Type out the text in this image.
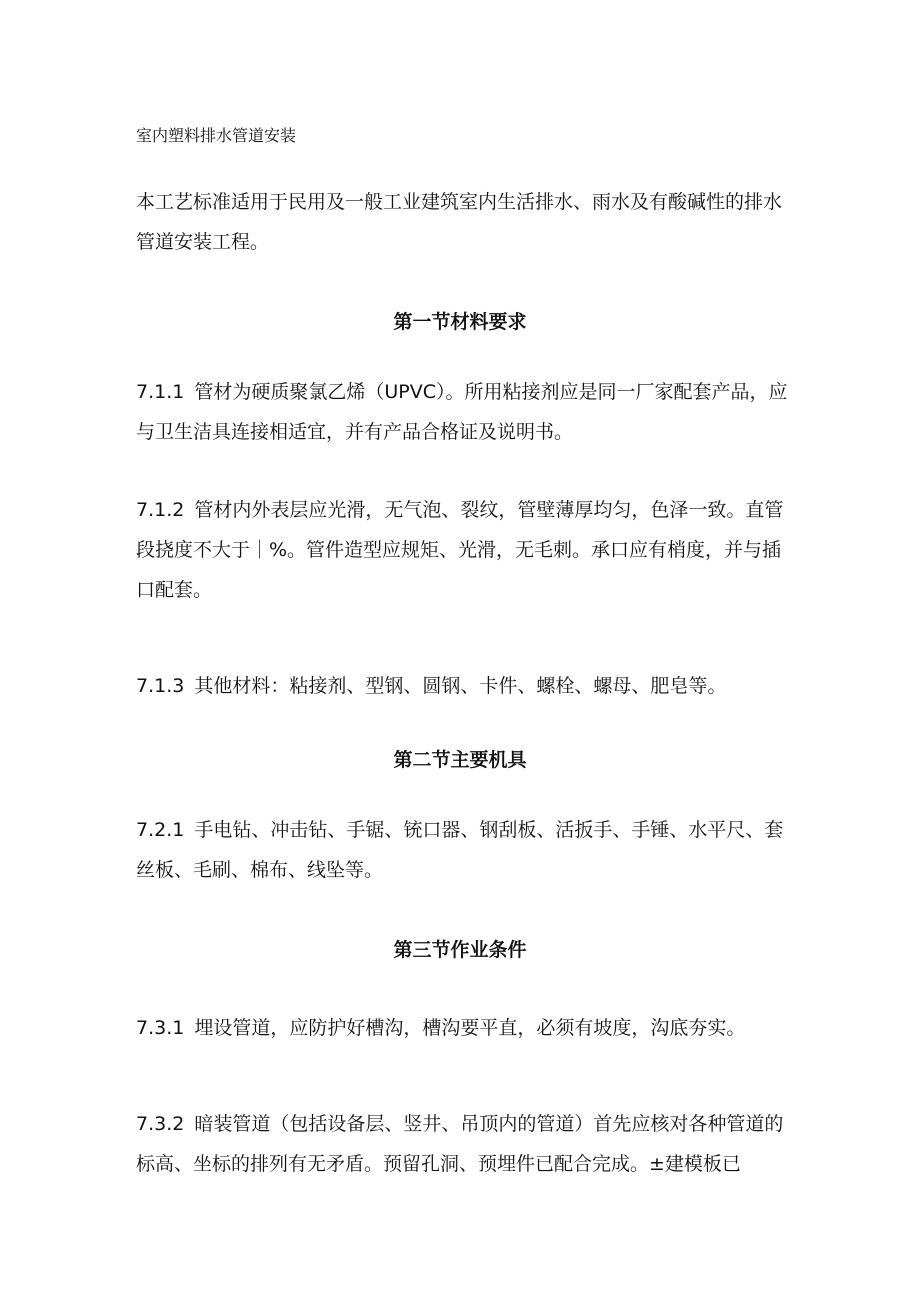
室内塑料排水管道安装

本工艺标准适用于民用及一般工业建筑室内生活排水、雨水及有酸碱性的排水管道安装工程。

第一节材料要求

7.1.1 管材为硬质聚氯乙烯（UPVC）。所用粘接剂应是同一厂家配套产品，应与卫生洁具连接相适宜，并有产品合格证及说明书。

7.1.2 管材内外表层应光滑，无气泡、裂纹，管壁薄厚均匀，色泽一致。直管段挠度不大于｜%。管件造型应规矩、光滑，无毛刺。承口应有梢度，并与插口配套。

7.1.3 其他材料：粘接剂、型钢、圆钢、卡件、螺栓、螺母、肥皂等。

第二节主要机具

7.2.1 手电钻、冲击钻、手锯、铳口器、钢刮板、活扳手、手锤、水平尺、套丝板、毛刷、棉布、线坠等。

第三节作业条件

7.3.1 埋设管道，应防护好槽沟，槽沟要平直，必须有坡度，沟底夯实。

7.3.2 暗装管道（包括设备层、竖井、吊顶内的管道）首先应核对各种管道的标高、坐标的排列有无矛盾。预留孔洞、预埋件已配合完成。±建模板已
